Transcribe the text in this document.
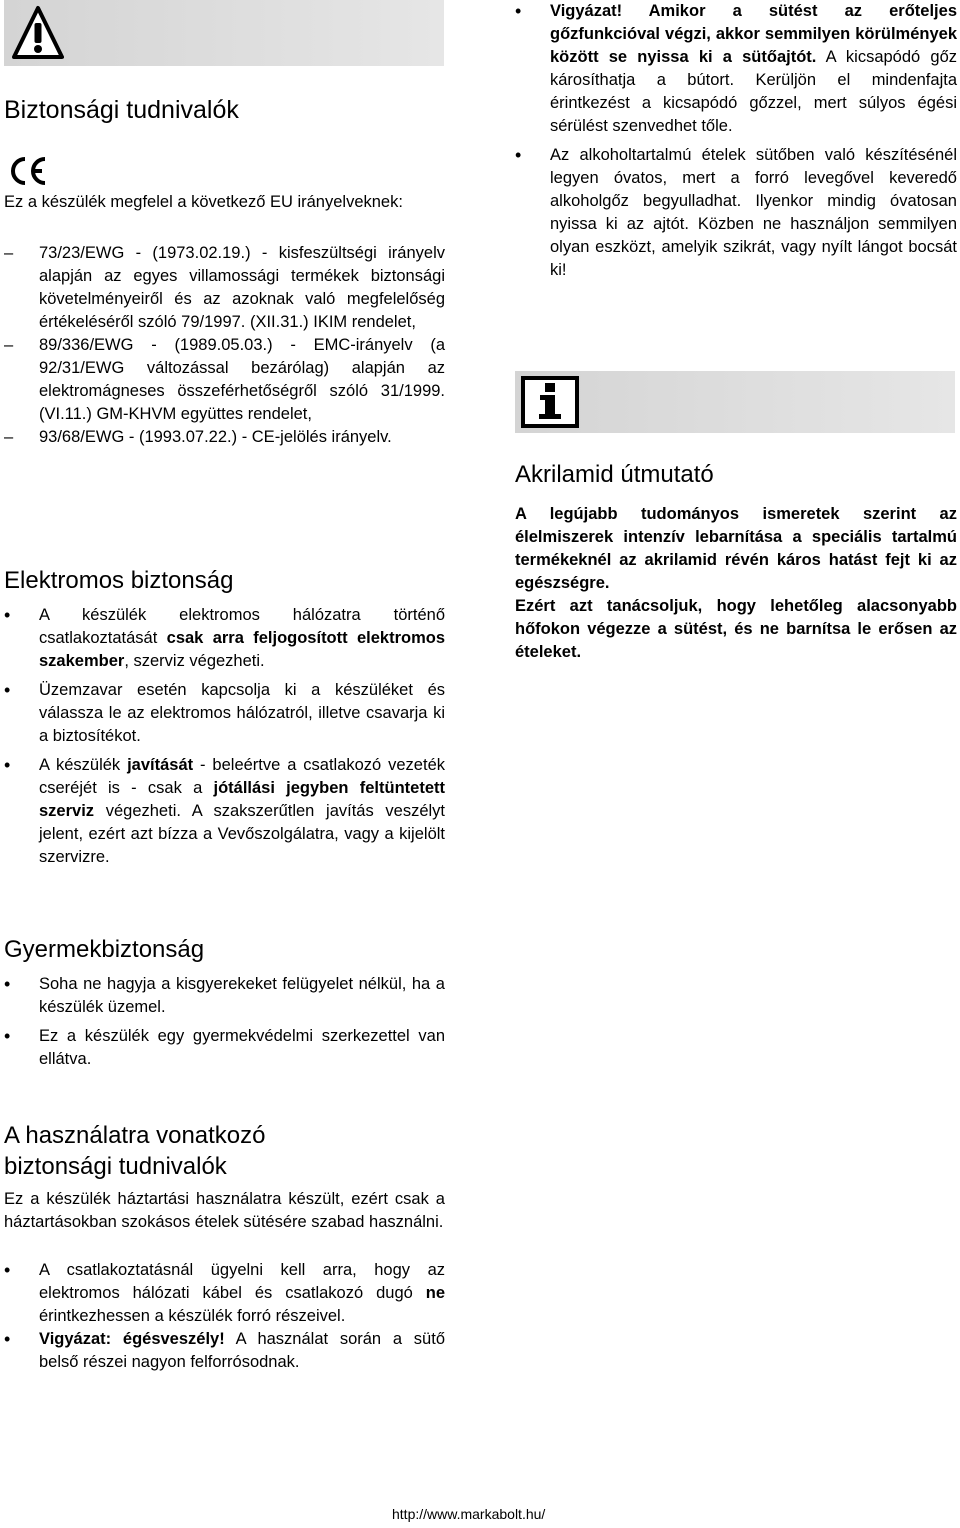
Biztonsági tudnivalók

Ez a készülék megfelel a következő EU irányelveknek:

– 73/23/EWG - (1973.02.19.) - kisfeszültségi irányelv alapján az egyes villamossági termékek biztonsági követelményeiről és az azoknak való megfelelőség értékeléséről szóló 79/1997. (XII.31.) IKIM rendelet,
– 89/336/EWG - (1989.05.03.) - EMC-irányelv (a 92/31/EWG változással bezárólag) alapján az elektromágneses összeférhetőségről szóló 31/1999. (VI.11.) GM-KHVM együttes rendelet,
– 93/68/EWG - (1993.07.22.) - CE-jelölés irányelv.
Elektromos biztonság
• A készülék elektromos hálózatra történő csatlakoztatását csak arra feljogosított elektromos szakember, szerviz végezheti.
• Üzemzavar esetén kapcsolja ki a készüléket és válassza le az elektromos hálózatról, illetve csavarja ki a biztosítékot.
• A készülék javítását - beleértve a csatlakozó vezeték cseréjét is - csak a jótállási jegyben feltüntetett szerviz végezheti. A szakszerűtlen javítás veszélyt jelent, ezért azt bízza a Vevőszolgálatra, vagy a kijelölt szervizre.
Gyermekbiztonság
• Soha ne hagyja a kisgyerekeket felügyelet nélkül, ha a készülék üzemel.
• Ez a készülék egy gyermekvédelmi szerkezettel van ellátva.
A használatra vonatkozó
biztonsági tudnivalók

Ez a készülék háztartási használatra készült, ezért csak a háztartásokban szokásos ételek sütésére szabad használni.

• A csatlakoztatásnál ügyelni kell arra, hogy az elektromos hálózati kábel és csatlakozó dugó ne érintkezhessen a készülék forró részeivel.
• Vigyázat: égésveszély! A használat során a sütő belső részei nagyon felforrósodnak.
• Vigyázat! Amikor a sütést az erőteljes gőzfunkcióval végzi, akkor semmilyen körülmények között se nyissa ki a sütőajtót. A kicsapódó gőz károsíthatja a bútort. Kerüljön el mindenfajta érintkezést a kicsapódó gőzzel, mert súlyos égési sérülést szenvedhet tőle.
• Az alkoholtartalmú ételek sütőben való készítésénél legyen óvatos, mert a forró levegővel keveredő alkoholgőz begyulladhat. Ilyenkor mindig óvatosan nyissa ki az ajtót. Közben ne használjon semmilyen olyan eszközt, amelyik szikrát, vagy nyílt lángot bocsát ki!
Akrilamid útmutató

A legújabb tudományos ismeretek szerint az élelmiszerek intenzív lebarnítása a speciális tartalmú termékeknél az akrilamid révén káros hatást fejt ki az egészségre.

Ezért azt tanácsoljuk, hogy lehetőleg alacsonyabb hőfokon végezze a sütést, és ne barnítsa le erősen az ételeket.

http://www.markabolt.hu/
